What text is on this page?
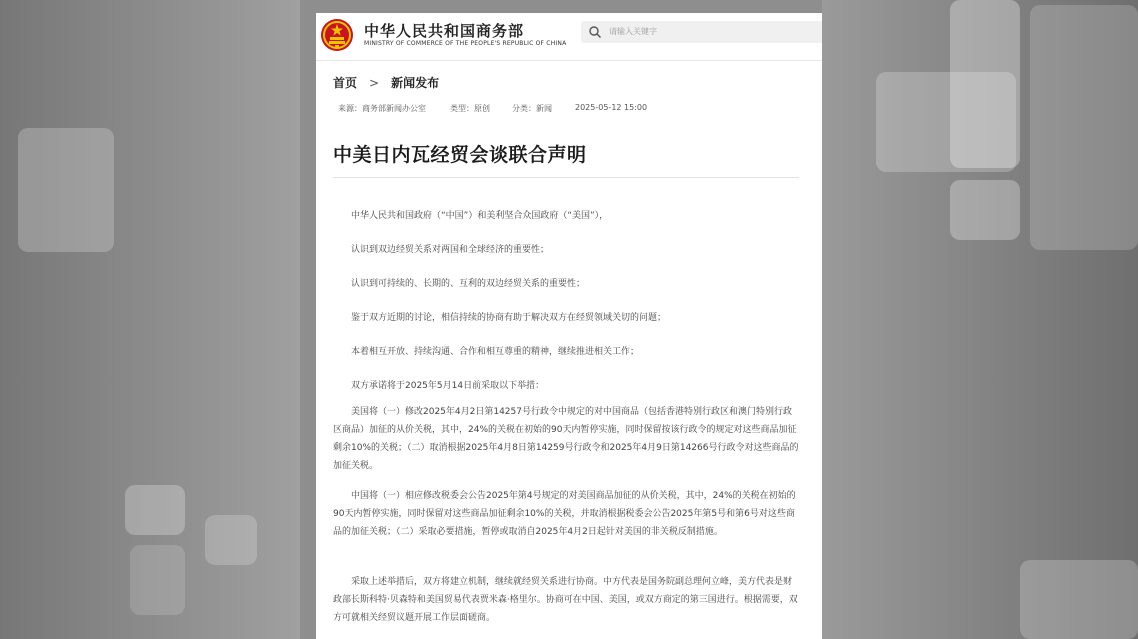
中华人民共和国商务部
MINISTRY OF COMMERCE OF THE PEOPLE'S REPUBLIC OF CHINA
请输入关键字
首页 > 新闻发布
来源：商务部新闻办公室	类型：原创	分类：新闻	2025-05-12 15:00
中美日内瓦经贸会谈联合声明

中华人民共和国政府（“中国”）和美利坚合众国政府（“美国”），

认识到双边经贸关系对两国和全球经济的重要性；

认识到可持续的、长期的、互利的双边经贸关系的重要性；

鉴于双方近期的讨论，相信持续的协商有助于解决双方在经贸领域关切的问题；

本着相互开放、持续沟通、合作和相互尊重的精神，继续推进相关工作；

双方承诺将于2025年5月14日前采取以下举措：

美国将（一）修改2025年4月2日第14257号行政令中规定的对中国商品（包括香港特别行政区和澳门特别行政区商品）加征的从价关税，其中，24%的关税在初始的90天内暂停实施，同时保留按该行政令的规定对这些商品加征剩余10%的关税；（二）取消根据2025年4月8日第14259号行政令和2025年4月9日第14266号行政令对这些商品的加征关税。

中国将（一）相应修改税委会公告2025年第4号规定的对美国商品加征的从价关税，其中，24%的关税在初始的90天内暂停实施，同时保留对这些商品加征剩余10%的关税，并取消根据税委会公告2025年第5号和第6号对这些商品的加征关税；（二）采取必要措施，暂停或取消自2025年4月2日起针对美国的非关税反制措施。

采取上述举措后，双方将建立机制，继续就经贸关系进行协商。中方代表是国务院副总理何立峰，美方代表是财政部长斯科特·贝森特和美国贸易代表贾米森·格里尔。协商可在中国、美国，或双方商定的第三国进行。根据需要，双方可就相关经贸议题开展工作层面磋商。
